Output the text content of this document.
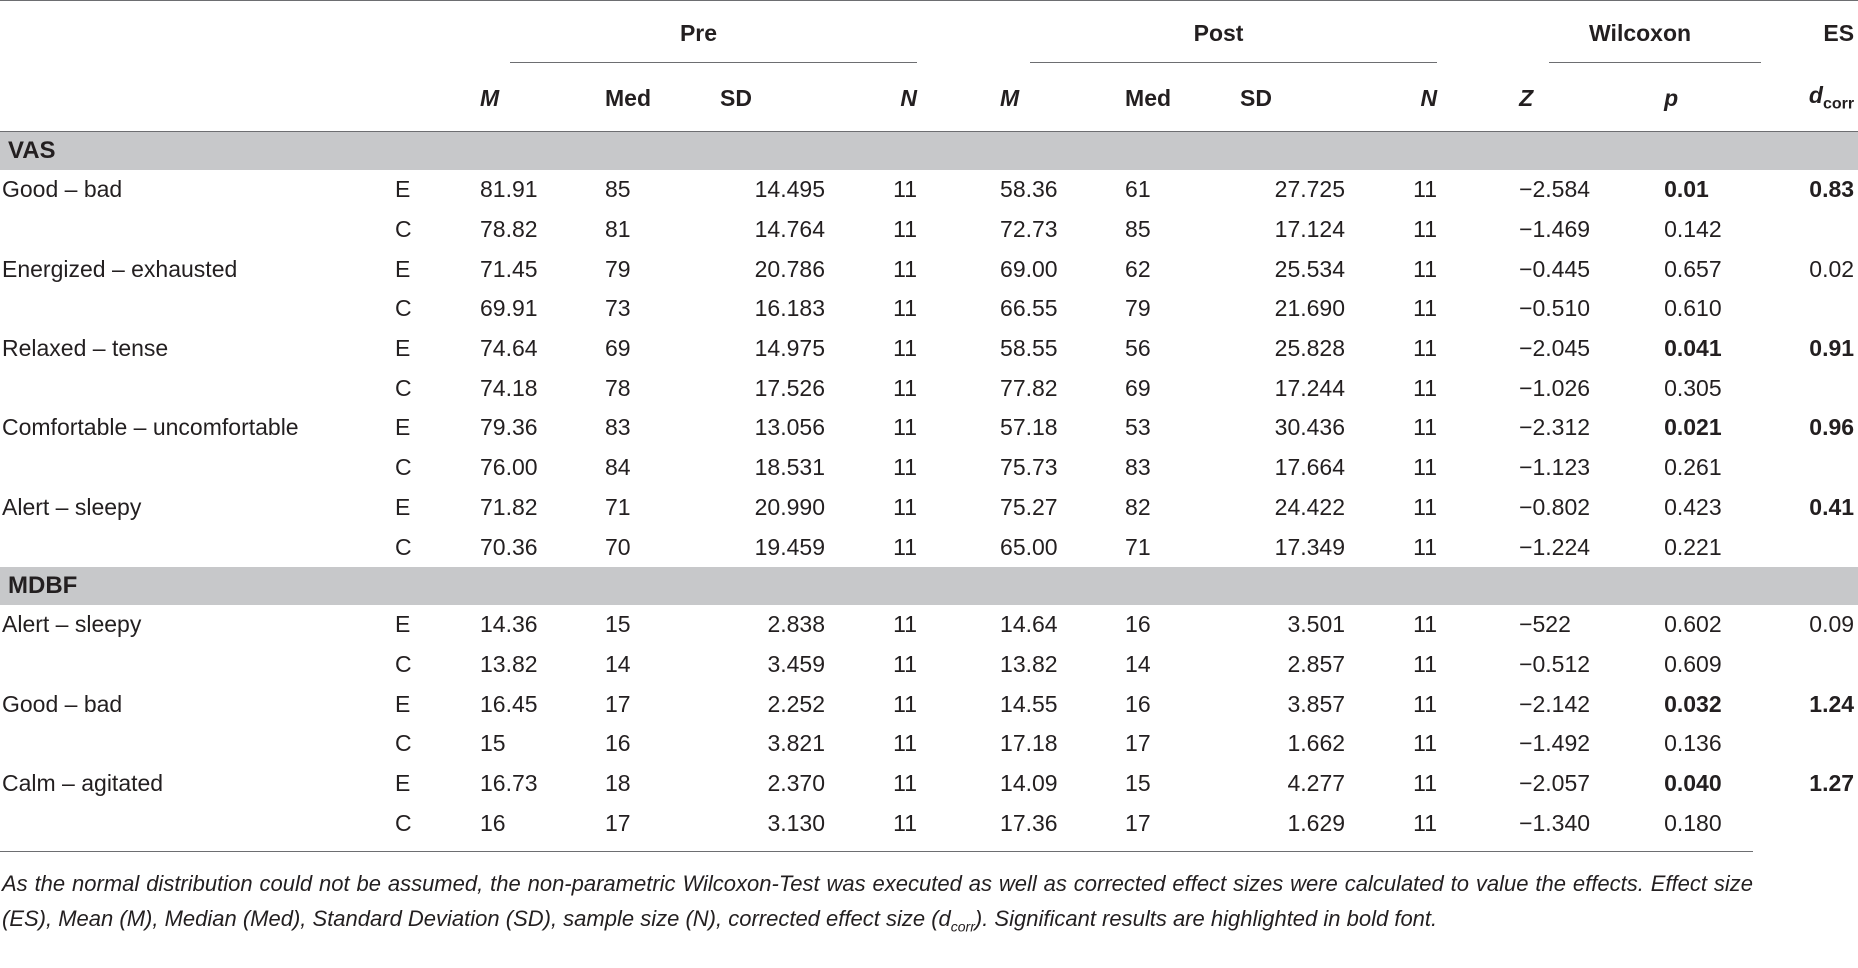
		Pre					Post					Wilcoxon		ES
		M	Med	SD	N		M	Med	SD	N		Z	p	$d_{corr}$
VAS														
Good – bad	E	81.91	85	14.495	11		58.36	61	27.725	11		−2.584	0.01	0.83
	C	78.82	81	14.764	11		72.73	85	17.124	11		−1.469	0.142	
Energized – exhausted	E	71.45	79	20.786	11		69.00	62	25.534	11		−0.445	0.657	0.02
	C	69.91	73	16.183	11		66.55	79	21.690	11		−0.510	0.610	
Relaxed – tense	E	74.64	69	14.975	11		58.55	56	25.828	11		−2.045	0.041	0.91
	C	74.18	78	17.526	11		77.82	69	17.244	11		−1.026	0.305	
Comfortable – uncomfortable	E	79.36	83	13.056	11		57.18	53	30.436	11		−2.312	0.021	0.96
	C	76.00	84	18.531	11		75.73	83	17.664	11		−1.123	0.261	
Alert – sleepy	E	71.82	71	20.990	11		75.27	82	24.422	11		−0.802	0.423	0.41
	C	70.36	70	19.459	11		65.00	71	17.349	11		−1.224	0.221	
MDBF														
Alert – sleepy	E	14.36	15	2.838	11		14.64	16	3.501	11		−522	0.602	0.09
	C	13.82	14	3.459	11		13.82	14	2.857	11		−0.512	0.609	
Good – bad	E	16.45	17	2.252	11		14.55	16	3.857	11		−2.142	0.032	1.24
	C	15	16	3.821	11		17.18	17	1.662	11		−1.492	0.136	
Calm – agitated	E	16.73	18	2.370	11		14.09	15	4.277	11		−2.057	0.040	1.27
	C	16	17	3.130	11		17.36	17	1.629	11		−1.340	0.180	
As the normal distribution could not be assumed, the non-parametric Wilcoxon-Test was executed as well as corrected effect sizes were calculated to value the effects. Effect size (ES), Mean (M), Median (Med), Standard Deviation (SD), sample size (N), corrected effect size $(d_{corr})$. Significant results are highlighted in bold font.
